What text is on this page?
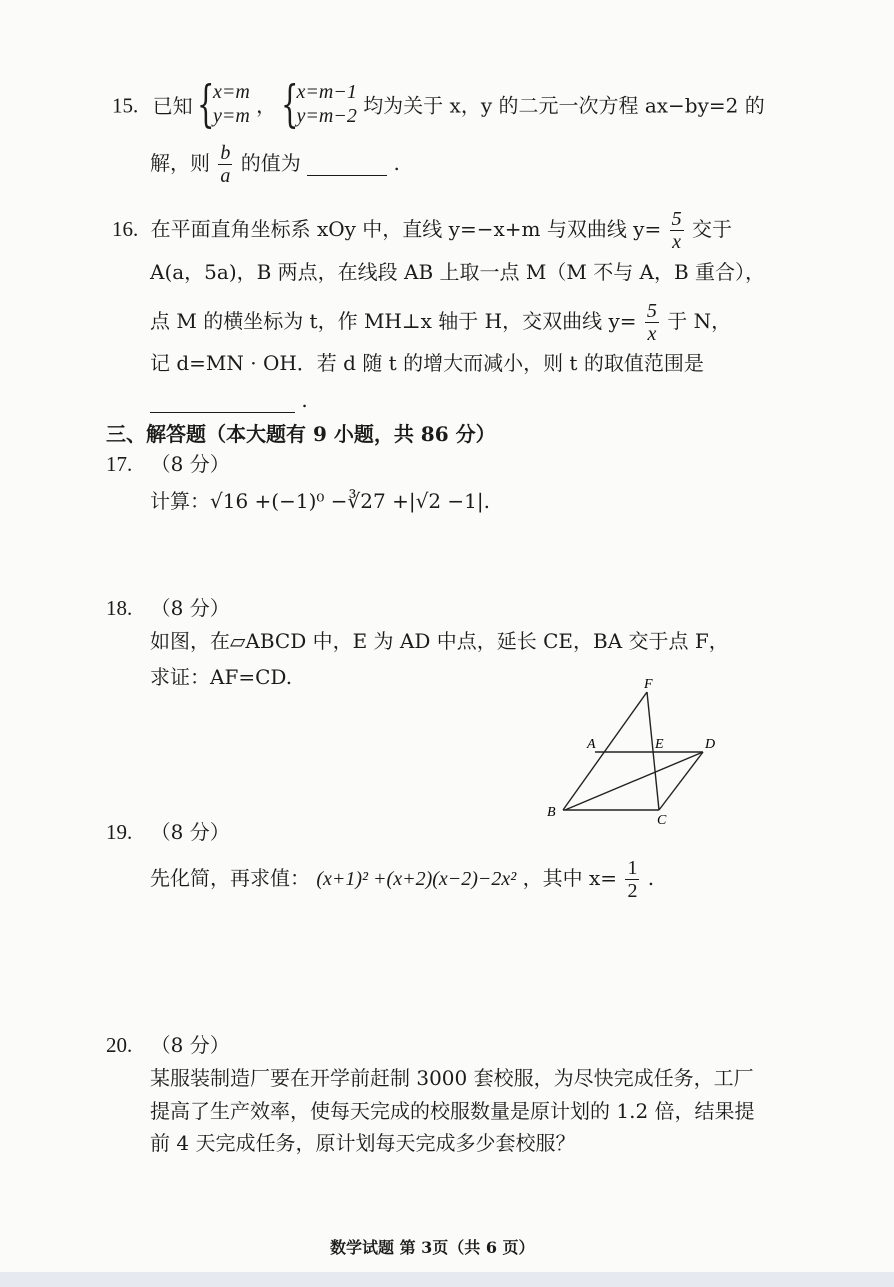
15. 已知 {
x=m
y=m ， {
x=m−1
y=m−2 均为关于 x，y 的二元一次方程 ax−by=2 的
解，则 $\frac{b}{a}$ 的值为	.
16. 在平面直角坐标系 xOy 中，直线 y=−x+m 与双曲线 $y= \frac{5}{x}$ 交于
A(a，5a)，B 两点，在线段 AB 上取一点 M（M 不与 A，B 重合），
点 M 的横坐标为 t，作 MH⊥x 轴于 H，交双曲线 $y= \frac{5}{x}$ 于 N，
记 d=MN · OH．若 d 随 t 的增大而减小，则 t 的取值范围是
.
三、解答题（本大题有 9 小题，共 86 分）
17. （8 分）
计算：√16 +(−1)⁰ −∛27 +|√2 −1|.
18. （8 分）
如图，在▱ABCD 中，E 为 AD 中点，延长 CE，BA 交于点 F，
求证：AF=CD.	F
A	E	D
B
C
19. （8 分）
先化简，再求值： (x+1)² +(x+2)(x−2)−2x² ，其中 $x= \frac{1}{2}$ .
20. （8 分）
某服装制造厂要在开学前赶制 3000 套校服，为尽快完成任务，工厂
提高了生产效率，使每天完成的校服数量是原计划的 1.2 倍，结果提
前 4 天完成任务，原计划每天完成多少套校服？
数学试题 第 3页（共 6 页）
